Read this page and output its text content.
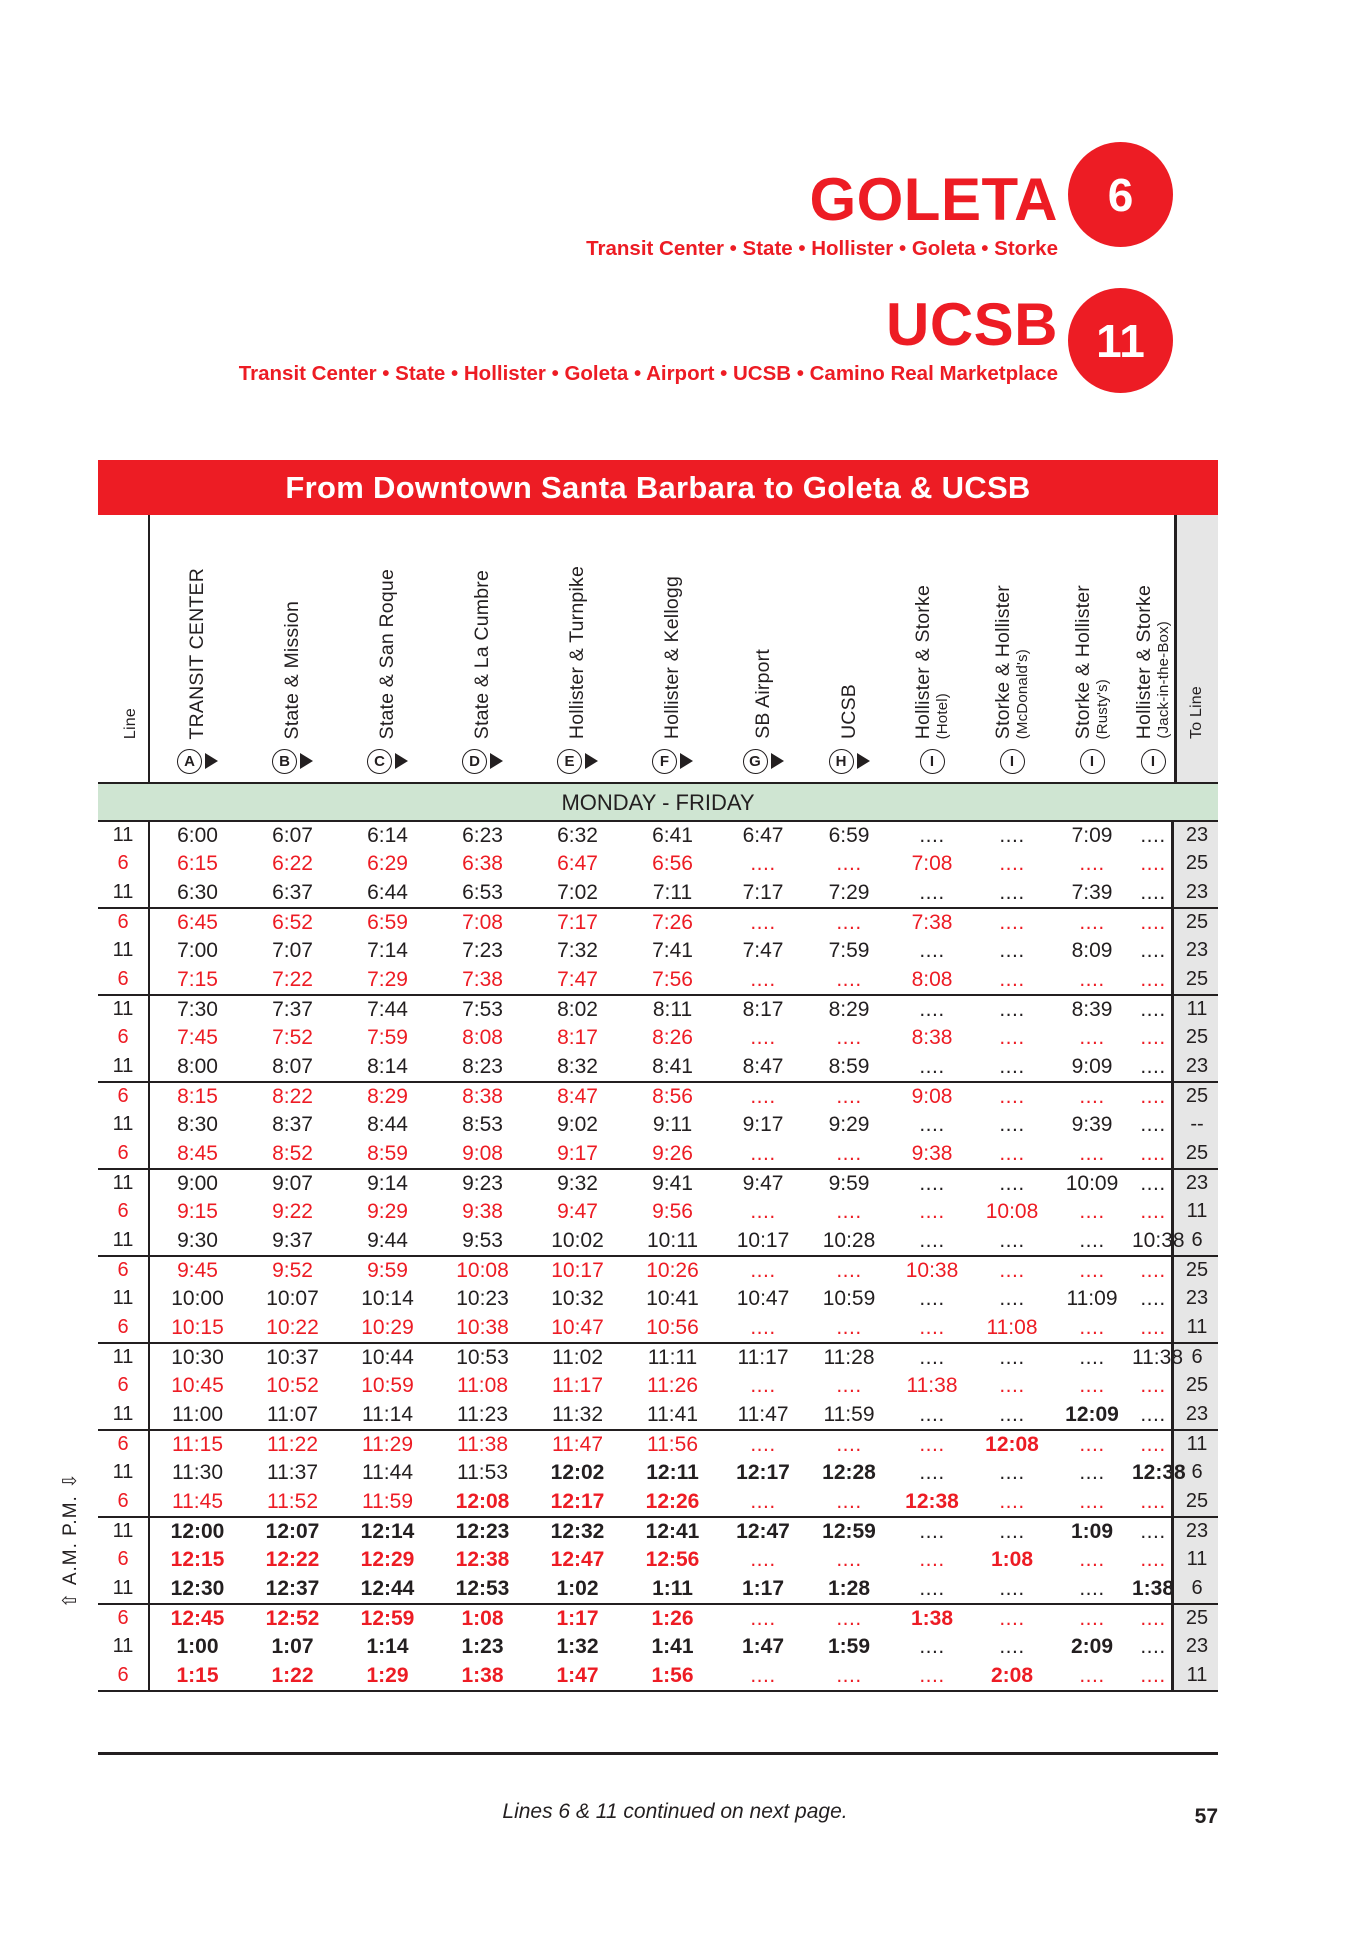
GOLETA
Transit Center • State • Hollister • Goleta • Storke
6
UCSB
Transit Center • State • Hollister • Goleta • Airport • UCSB • Camino Real Marketplace
11
⇧ A.M. P.M. ⇩
From Downtown Santa Barbara to Goleta & UCSB
Line	To Line
TRANSIT CENTER
A
State & Mission
B
State & San Roque
C
State & La Cumbre
D
Hollister & Turnpike
E
Hollister & Kellogg
F
SB Airport
G
UCSB
H
Hollister & Storke (Hotel)
I
Storke & Hollister (McDonald's)
I
Storke & Hollister (Rusty's)
I
Hollister & Storke (Jack-in-the-Box)
I
MONDAY - FRIDAY
11	6:00	6:07	6:14	6:23	6:32	6:41	6:47	6:59	....	....	7:09	....	23
6	6:15	6:22	6:29	6:38	6:47	6:56	....	....	7:08	....	....	....	25
11	6:30	6:37	6:44	6:53	7:02	7:11	7:17	7:29	....	....	7:39	....	23
6	6:45	6:52	6:59	7:08	7:17	7:26	....	....	7:38	....	....	....	25
11	7:00	7:07	7:14	7:23	7:32	7:41	7:47	7:59	....	....	8:09	....	23
6	7:15	7:22	7:29	7:38	7:47	7:56	....	....	8:08	....	....	....	25
11	7:30	7:37	7:44	7:53	8:02	8:11	8:17	8:29	....	....	8:39	....	11
6	7:45	7:52	7:59	8:08	8:17	8:26	....	....	8:38	....	....	....	25
11	8:00	8:07	8:14	8:23	8:32	8:41	8:47	8:59	....	....	9:09	....	23
6	8:15	8:22	8:29	8:38	8:47	8:56	....	....	9:08	....	....	....	25
11	8:30	8:37	8:44	8:53	9:02	9:11	9:17	9:29	....	....	9:39	....	--
6	8:45	8:52	8:59	9:08	9:17	9:26	....	....	9:38	....	....	....	25
11	9:00	9:07	9:14	9:23	9:32	9:41	9:47	9:59	....	....	10:09	....	23
6	9:15	9:22	9:29	9:38	9:47	9:56	....	....	....	10:08	....	....	11
11	9:30	9:37	9:44	9:53	10:02	10:11	10:17	10:28	....	....	....	10:38 6
6	9:45	9:52	9:59	10:08	10:17	10:26	....	....	10:38	....	....	....	25
11	10:00	10:07	10:14	10:23	10:32	10:41	10:47	10:59	....	....	11:09	....	23
6	10:15	10:22	10:29	10:38	10:47	10:56	....	....	....	11:08	....	....	11
11	10:30	10:37	10:44	10:53	11:02	11:11	11:17	11:28	....	....	....	11:38 6
6	10:45	10:52	10:59	11:08	11:17	11:26	....	....	11:38	....	....	....	25
11	11:00	11:07	11:14	11:23	11:32	11:41	11:47	11:59	....	....	12:09	....	23
6	11:15	11:22	11:29	11:38	11:47	11:56	....	....	....	12:08	....	....	11
11	11:30	11:37	11:44	11:53	12:02	12:11	12:17	12:28	....	....	....	12:38 6
6	11:45	11:52	11:59	12:08	12:17	12:26	....	....	12:38	....	....	....	25
11	12:00	12:07	12:14	12:23	12:32	12:41	12:47	12:59	....	....	1:09	....	23
6	12:15	12:22	12:29	12:38	12:47	12:56	....	....	....	1:08	....	....	11
11	12:30	12:37	12:44	12:53	1:02	1:11	1:17	1:28	....	....	....	1:38 6
6	12:45	12:52	12:59	1:08	1:17	1:26	....	....	1:38	....	....	....	25
11	1:00	1:07	1:14	1:23	1:32	1:41	1:47	1:59	....	....	2:09	....	23
6	1:15	1:22	1:29	1:38	1:47	1:56	....	....	....	2:08	....	....	11
Lines 6 & 11 continued on next page.	57
